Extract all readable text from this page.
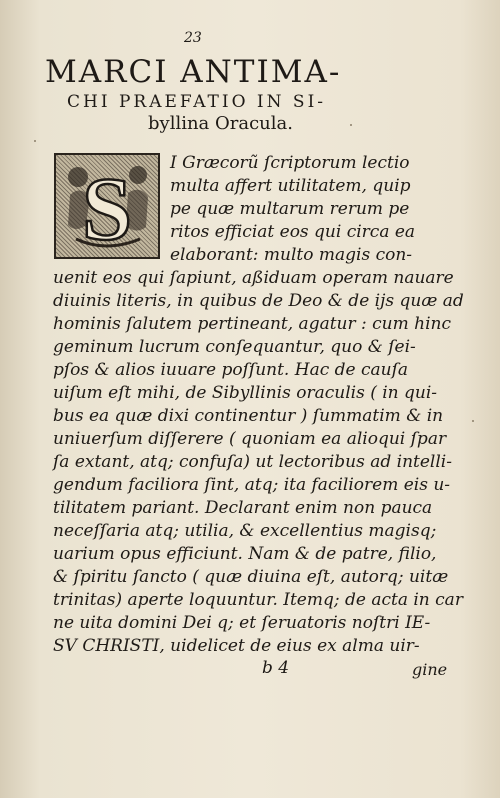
23
MARCI ANTIMA-
CHI PRAEFATIO IN SI-
byllina Oracula.
S I Græcorũ ſcriptorum lectio
multa affert utilitatem, quip
pe quæ multarum rerum pe
ritos efficiat eos qui circa ea
elaborant: multo magis con-
uenit eos qui ſapiunt, aßiduam operam nauare
diuinis literis, in quibus de Deo & de ijs quæ ad
hominis ſalutem pertineant, agatur : cum hinc
geminum lucrum conſequantur, quo & ſei-
pſos & alios iuuare poſſunt. Hac de cauſa
uiſum eſt mihi, de Sibyllinis oraculis ( in qui-
bus ea quæ dixi continentur ) ſummatim & in
uniuerſum diſſerere ( quoniam ea alioqui ſpar
ſa extant, atq; confuſa) ut lectoribus ad intelli-
gendum faciliora ſint, atq; ita faciliorem eis u-
tilitatem pariant. Declarant enim non pauca
neceſſaria atq; utilia, & excellentius magisq;
uarium opus efficiunt. Nam & de patre, filio,
& ſpiritu ſancto ( quæ diuina eſt, autorq; uitæ
trinitas) aperte loquuntur. Itemq; de acta in car
ne uita domini Dei q; et ſeruatoris noſtri IE-
SV CHRISTI, uidelicet de eius ex alma uir-
b 4	gine
